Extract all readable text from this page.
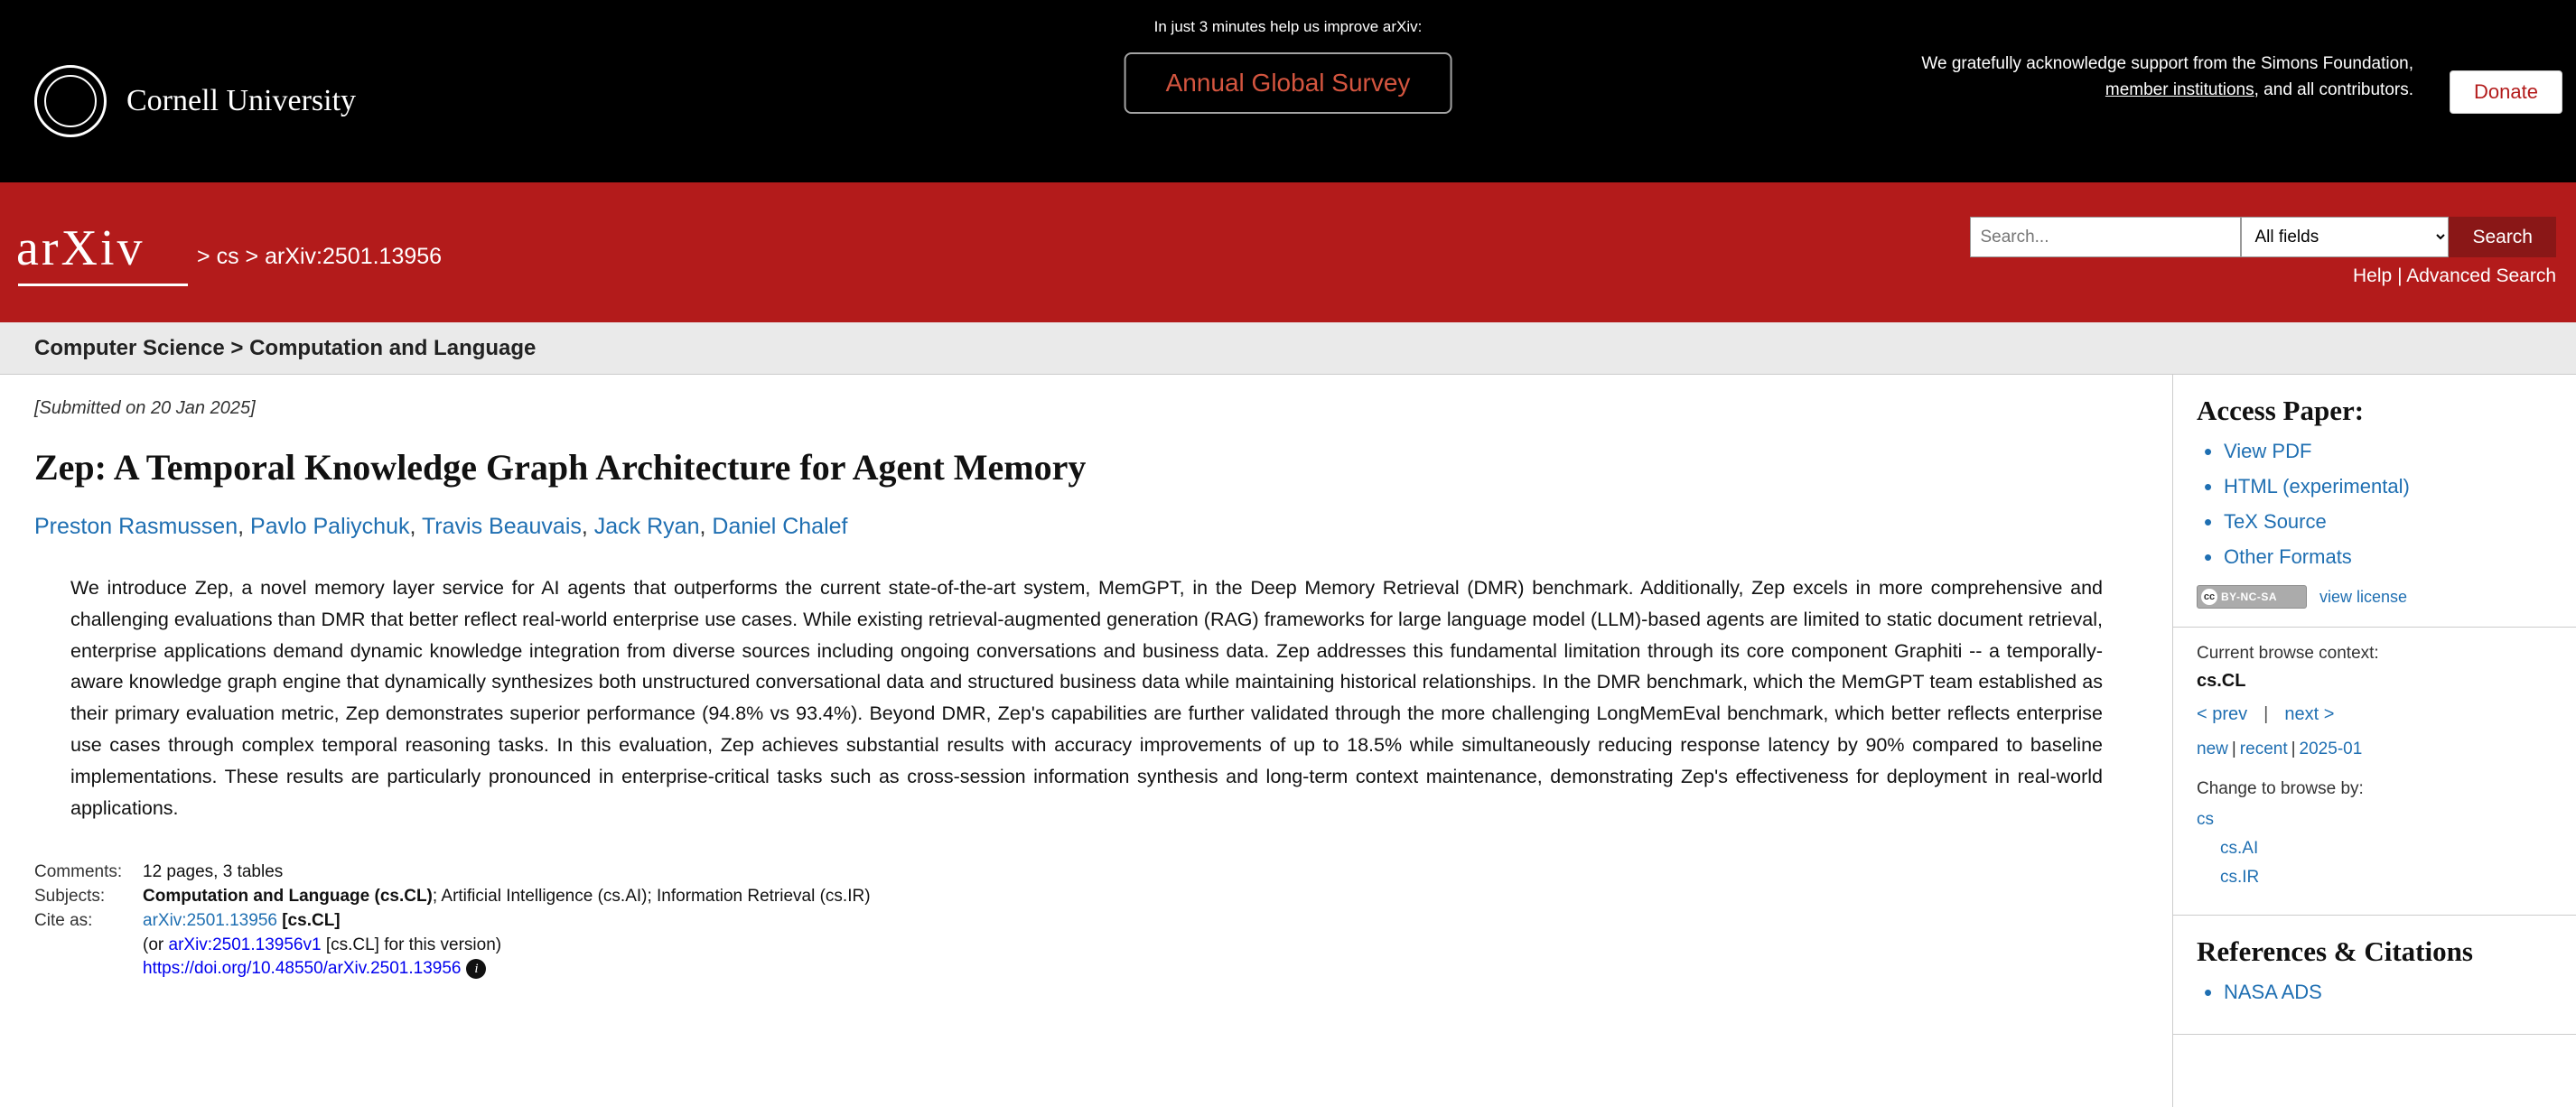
Cornell University
In just 3 minutes help us improve arXiv:
Annual Global Survey
We gratefully acknowledge support from the Simons Foundation,
member institutions, and all contributors.	Donate
arXiv > cs > arXiv:2501.13956
Search...
All fields
Search
Help | Advanced Search
Computer Science > Computation and Language
[Submitted on 20 Jan 2025]
Zep: A Temporal Knowledge Graph Architecture for Agent Memory
Preston Rasmussen, Pavlo Paliychuk, Travis Beauvais, Jack Ryan, Daniel Chalef
We introduce Zep, a novel memory layer service for AI agents that outperforms the current state-of-the-art system, MemGPT, in the Deep Memory Retrieval (DMR) benchmark. Additionally, Zep excels in more comprehensive and challenging evaluations than DMR that better reflect real-world enterprise use cases. While existing retrieval-augmented generation (RAG) frameworks for large language model (LLM)-based agents are limited to static document retrieval, enterprise applications demand dynamic knowledge integration from diverse sources including ongoing conversations and business data. Zep addresses this fundamental limitation through its core component Graphiti -- a temporally-aware knowledge graph engine that dynamically synthesizes both unstructured conversational data and structured business data while maintaining historical relationships. In the DMR benchmark, which the MemGPT team established as their primary evaluation metric, Zep demonstrates superior performance (94.8% vs 93.4%). Beyond DMR, Zep's capabilities are further validated through the more challenging LongMemEval benchmark, which better reflects enterprise use cases through complex temporal reasoning tasks. In this evaluation, Zep achieves substantial results with accuracy improvements of up to 18.5% while simultaneously reducing response latency by 90% compared to baseline implementations. These results are particularly pronounced in enterprise-critical tasks such as cross-session information synthesis and long-term context maintenance, demonstrating Zep's effectiveness for deployment in real-world applications.
Comments:	12 pages, 3 tables
Subjects:	Computation and Language (cs.CL); Artificial Intelligence (cs.AI); Information Retrieval (cs.IR)
Cite as:	arXiv:2501.13956 [cs.CL]
(or arXiv:2501.13956v1 [cs.CL] for this version)
https://doi.org/10.48550/arXiv.2501.13956 i
Access Paper:
• View PDF
• HTML (experimental)
• TeX Source
• Other Formats
cc BY-NC-SA	view license
Current browse context:
cs.CL
< prev | next >
new | recent | 2025-01
Change to browse by:
cs
cs.AI
cs.IR
References & Citations
• NASA ADS
